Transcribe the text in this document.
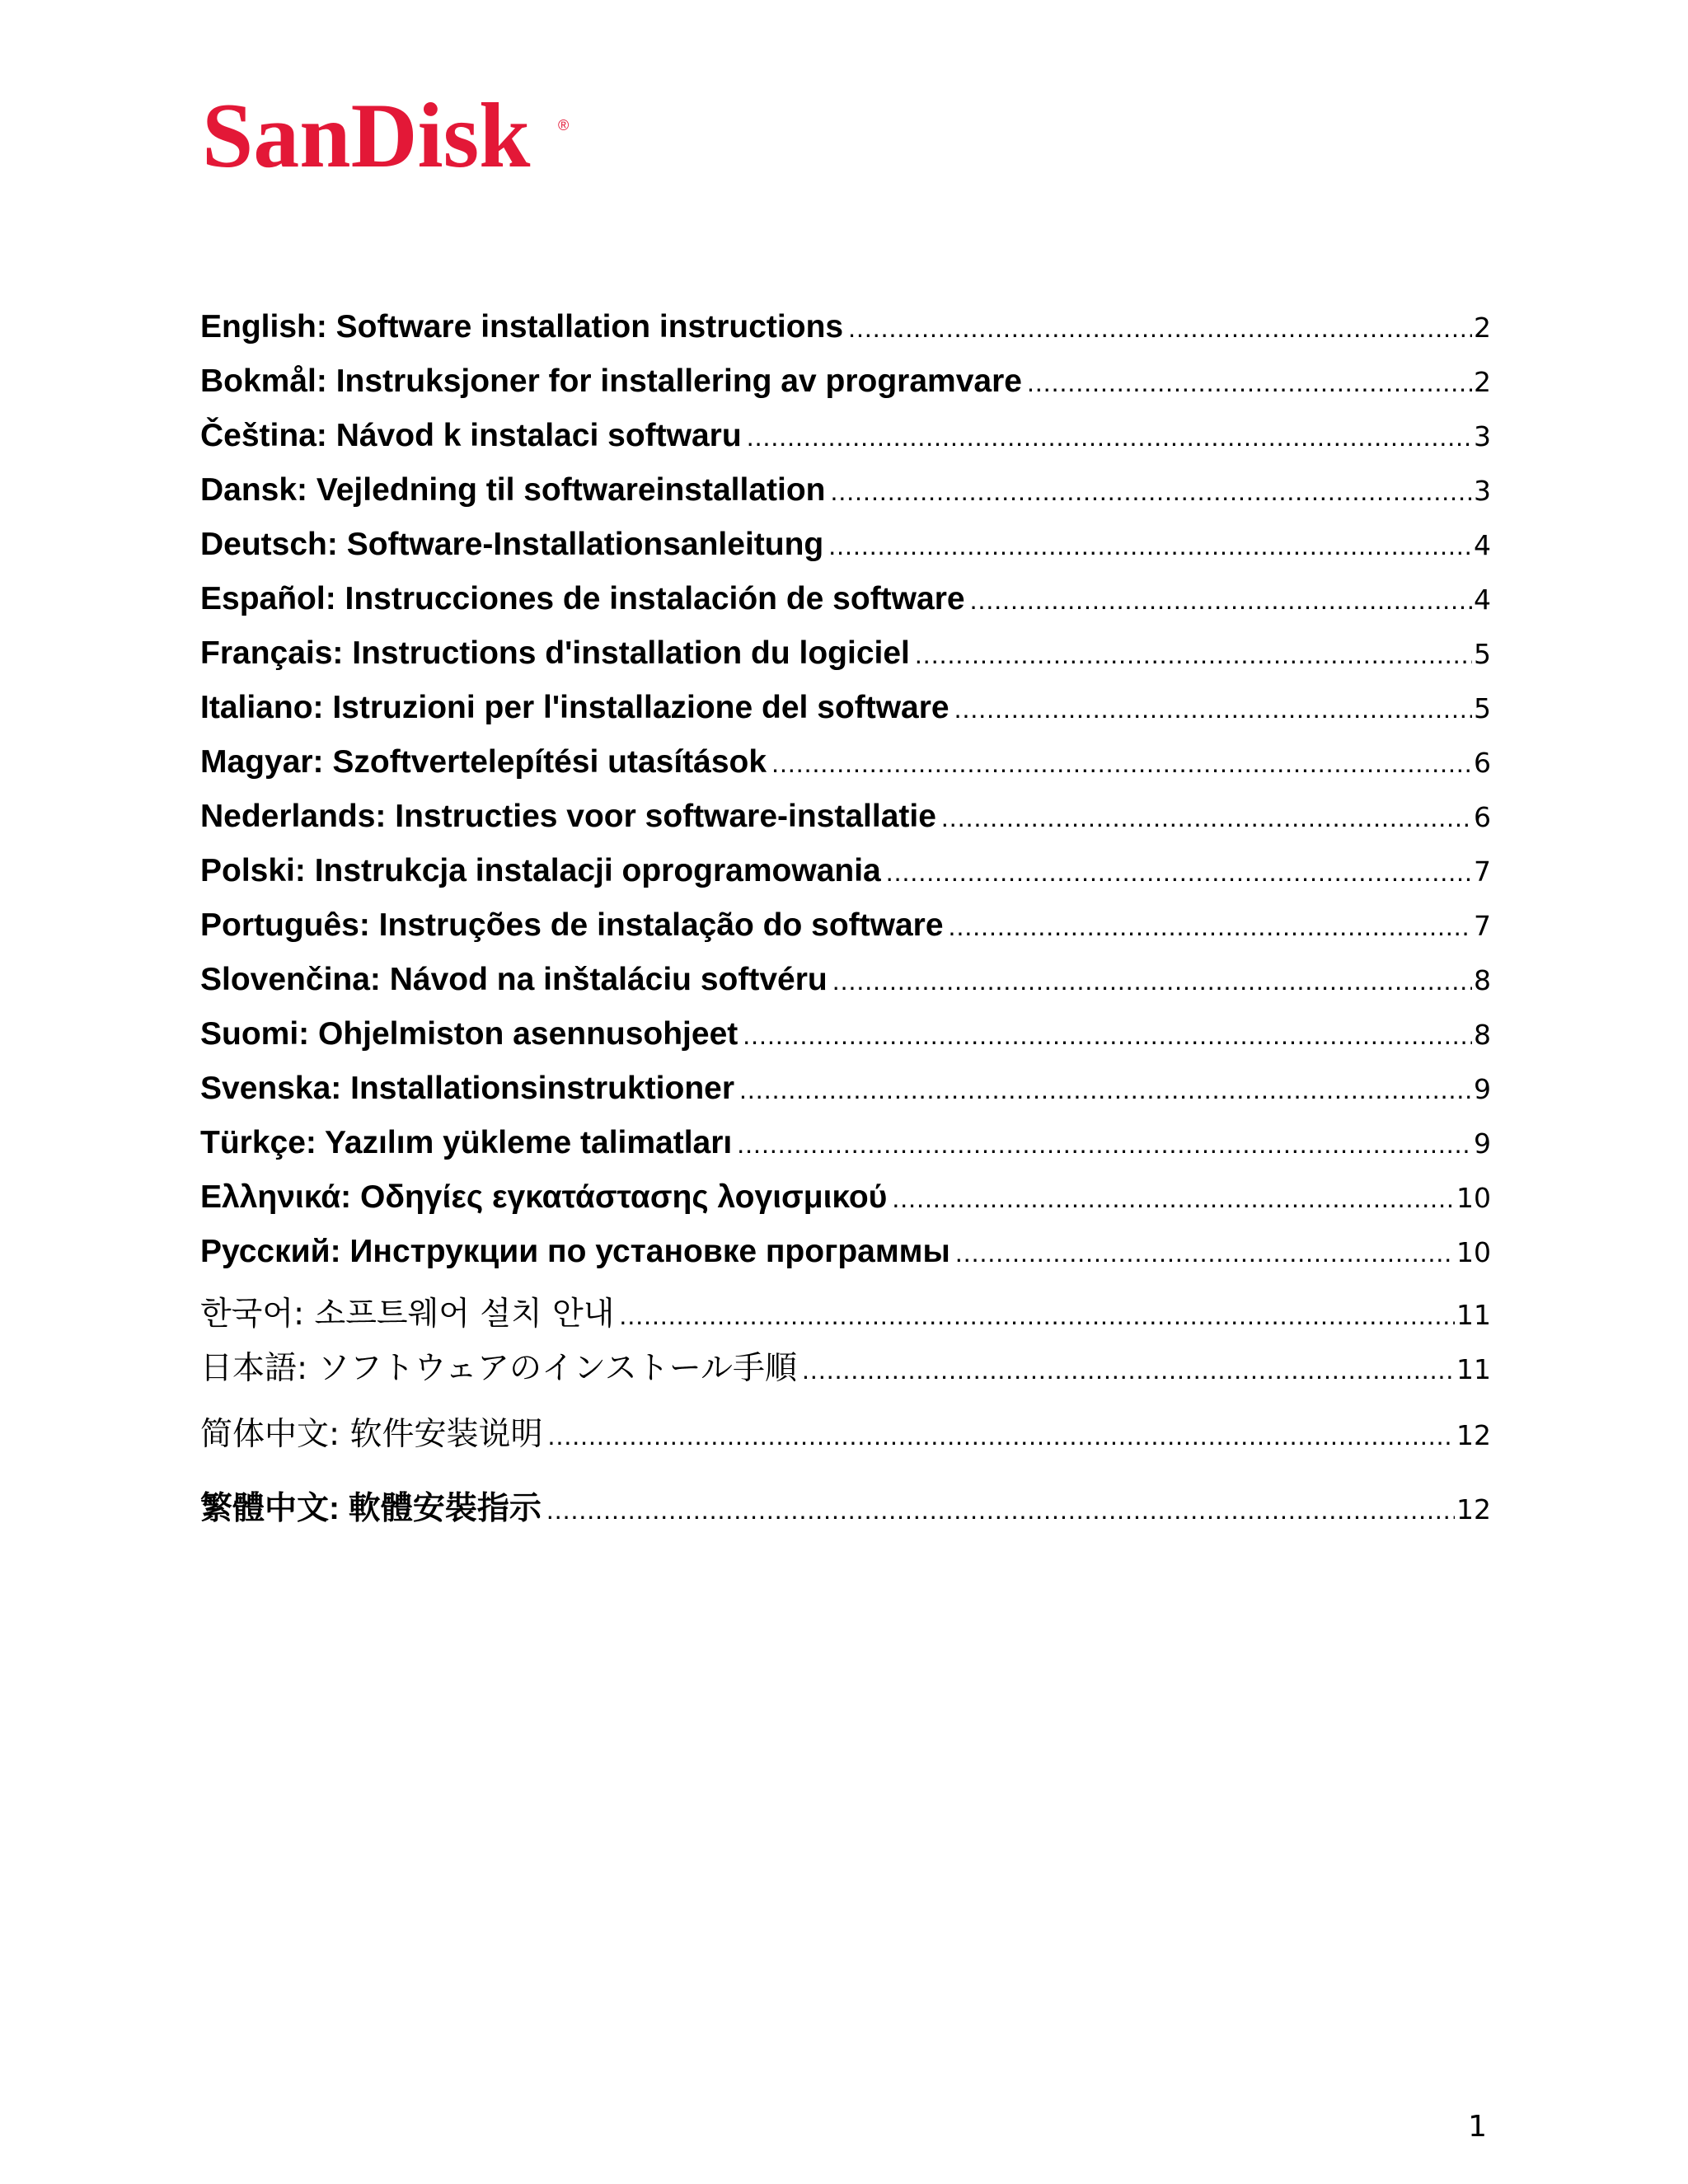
SanDisk ®
English: Software installation instructions .....	2
Bokmål: Instruksjoner for installering av programvare .....	2
Čeština: Návod k instalaci softwaru .....	3
Dansk: Vejledning til softwareinstallation .....	3
Deutsch: Software-Installationsanleitung .....	4
Español: Instrucciones de instalación de software .....	4
Français: Instructions d'installation du logiciel .....	5
Italiano: Istruzioni per l'installazione del software .....	5
Magyar: Szoftvertelepítési utasítások .....	6
Nederlands: Instructies voor software-installatie .....	6
Polski: Instrukcja instalacji oprogramowania .....	7
Português: Instruções de instalação do software .....	7
Slovenčina: Návod na inštaláciu softvéru .....	8
Suomi: Ohjelmiston asennusohjeet .....	8
Svenska: Installationsinstruktioner .....	9
Türkçe: Yazılım yükleme talimatları .....	9
Ελληνικά: Οδηγίες εγκατάστασης λογισμικού .....	10
Русский: Инструкции по установке программы .....	10
한국어: 소프트웨어 설치 안내 .....	11
日本語: ソフトウェアのインストール手順 .....	11
简体中文: 软件安装说明 .....	12
繁體中文: 軟體安裝指示 .....	12
1
